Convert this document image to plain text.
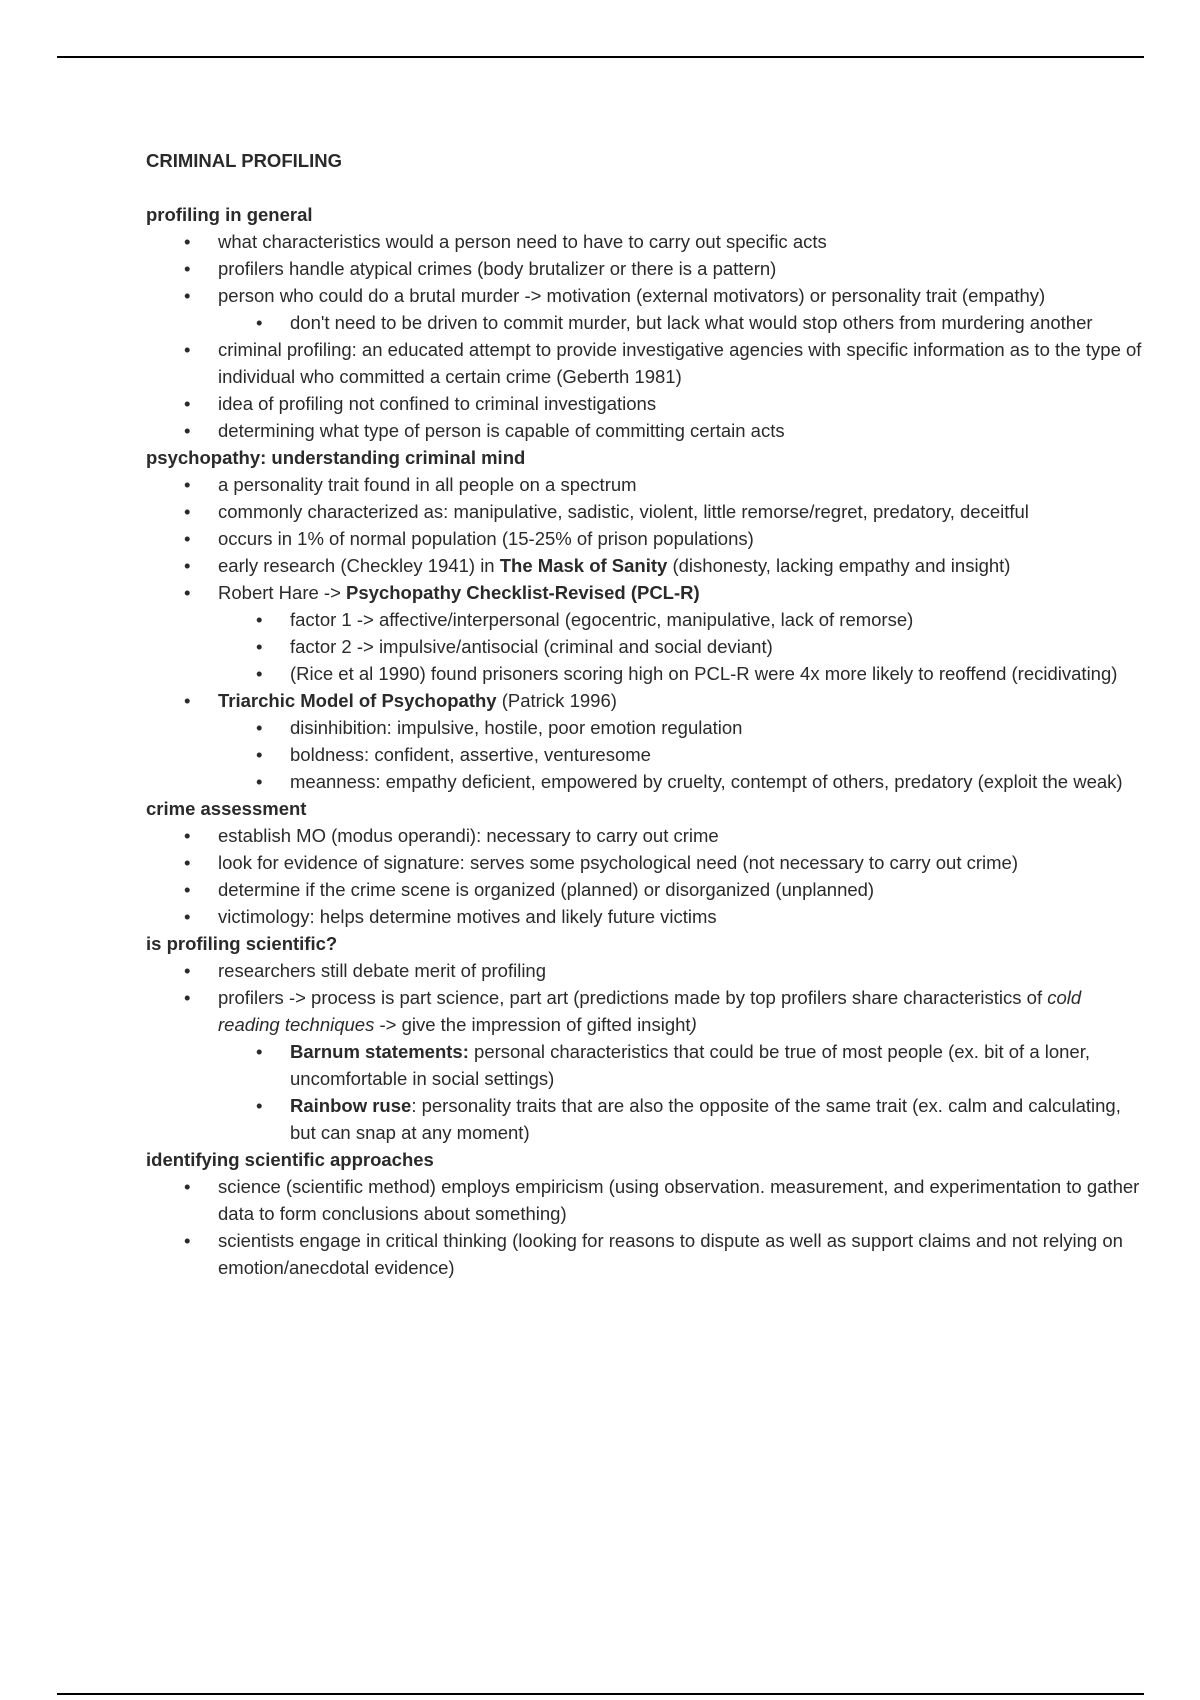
CRIMINAL PROFILING

profiling in general

• what characteristics would a person need to have to carry out specific acts
• profilers handle atypical crimes (body brutalizer or there is a pattern)
• person who could do a brutal murder -> motivation (external motivators) or personality trait (empathy)
• don't need to be driven to commit murder, but lack what would stop others from murdering another
• criminal profiling: an educated attempt to provide investigative agencies with specific information as to the type of individual who committed a certain crime (Geberth 1981)
• idea of profiling not confined to criminal investigations
• determining what type of person is capable of committing certain acts

psychopathy: understanding criminal mind

• a personality trait found in all people on a spectrum
• commonly characterized as: manipulative, sadistic, violent, little remorse/regret, predatory, deceitful
• occurs in 1% of normal population (15-25% of prison populations)
• early research (Checkley 1941) in The Mask of Sanity (dishonesty, lacking empathy and insight)
• Robert Hare -> Psychopathy Checklist-Revised (PCL-R)
• factor 1 -> affective/interpersonal (egocentric, manipulative, lack of remorse)
• factor 2 -> impulsive/antisocial (criminal and social deviant)
• (Rice et al 1990) found prisoners scoring high on PCL-R were 4x more likely to reoffend (recidivating)
• Triarchic Model of Psychopathy (Patrick 1996)
• disinhibition: impulsive, hostile, poor emotion regulation
• boldness: confident, assertive, venturesome
• meanness: empathy deficient, empowered by cruelty, contempt of others, predatory (exploit the weak)

crime assessment

• establish MO (modus operandi): necessary to carry out crime
• look for evidence of signature: serves some psychological need (not necessary to carry out crime)
• determine if the crime scene is organized (planned) or disorganized (unplanned)
• victimology: helps determine motives and likely future victims

is profiling scientific?

• researchers still debate merit of profiling
• profilers -> process is part science, part art (predictions made by top profilers share characteristics of cold reading techniques -> give the impression of gifted insight)
• Barnum statements: personal characteristics that could be true of most people (ex. bit of a loner, uncomfortable in social settings)
• Rainbow ruse: personality traits that are also the opposite of the same trait (ex. calm and calculating, but can snap at any moment)

identifying scientific approaches

• science (scientific method) employs empiricism (using observation. measurement, and experimentation to gather data to form conclusions about something)
• scientists engage in critical thinking (looking for reasons to dispute as well as support claims and not relying on emotion/anecdotal evidence)
